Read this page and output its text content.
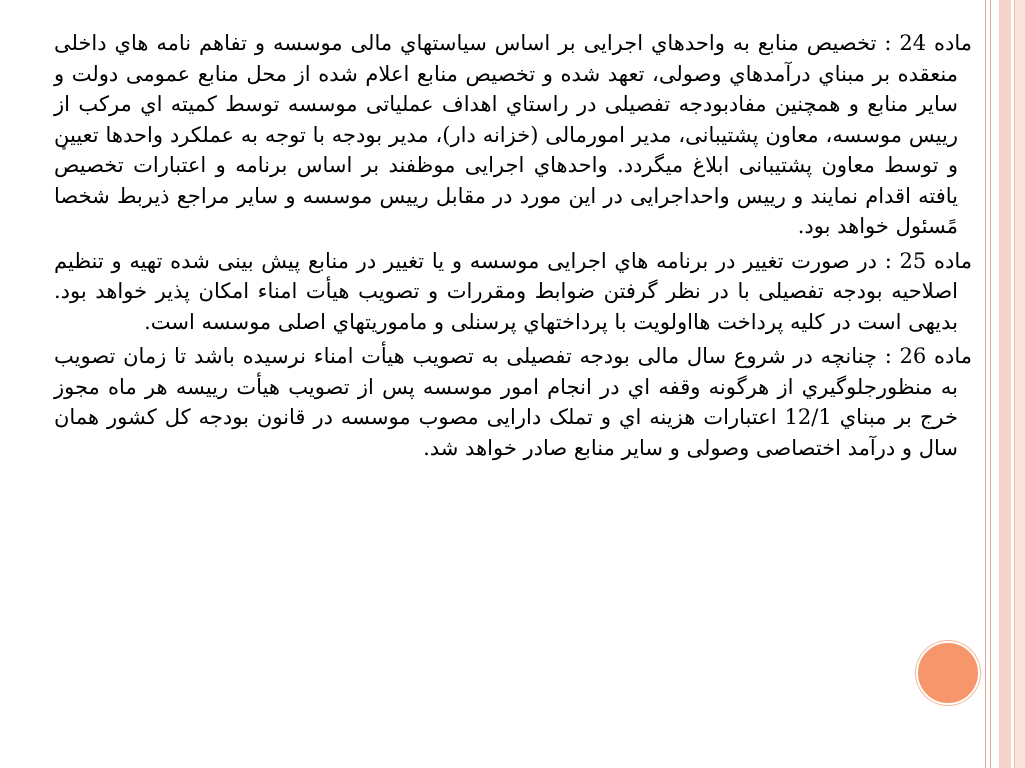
ماده 24 : تخصیص منابع به واحدهاي اجرایی بر اساس سیاستهاي مالی موسسه و تفاهم نامه هاي داخلی منعقده بر مبناي درآمدهاي وصولی، تعهد شده و تخصیص منابع اعلام شده از محل منابع عمومی دولت و سایر منابع و همچنین مفادبودجه تفصیلی در راستاي اهداف عملیاتی موسسه توسط کمیته اي مرکب از رییس موسسه، معاون پشتیبانی، مدیر امورمالی (خزانه دار)، مدیر بودجه با توجه به عملکرد واحدها تعیین و توسط معاون پشتیبانی ابلاغ میگردد. واحدهاي اجرایی موظفند بر اساس برنامه و اعتبارات تخصیص یافته اقدام نمایند و رییس واحداجرایی در این مورد در مقابل رییس موسسه و سایر مراجع ذیربط شخصا مًسئول خواهد بود.

ماده 25 : در صورت تغییر در برنامه هاي اجرایی موسسه و یا تغییر در منابع پیش بینی شده تهیه و تنظیم اصلاحیه بودجه تفصیلی با در نظر گرفتن ضوابط ومقررات و تصویب هیأت امناء امکان پذیر خواهد بود. بدیهی است در کلیه پرداخت هااولویت با پرداختهاي پرسنلی و ماموریتهاي اصلی موسسه است.

ماده 26 : چنانچه در شروع سال مالی بودجه تفصیلی به تصویب هیأت امناء نرسیده باشد تا زمان تصویب به منظورجلوگیري از هرگونه وقفه اي در انجام امور موسسه پس از تصویب هیأت رییسه هر ماه مجوز خرج بر مبناي 12/1 اعتبارات هزینه اي و تملک دارایی مصوب موسسه در قانون بودجه کل کشور همان سال و درآمد اختصاصی وصولی و سایر منابع صادر خواهد شد.
